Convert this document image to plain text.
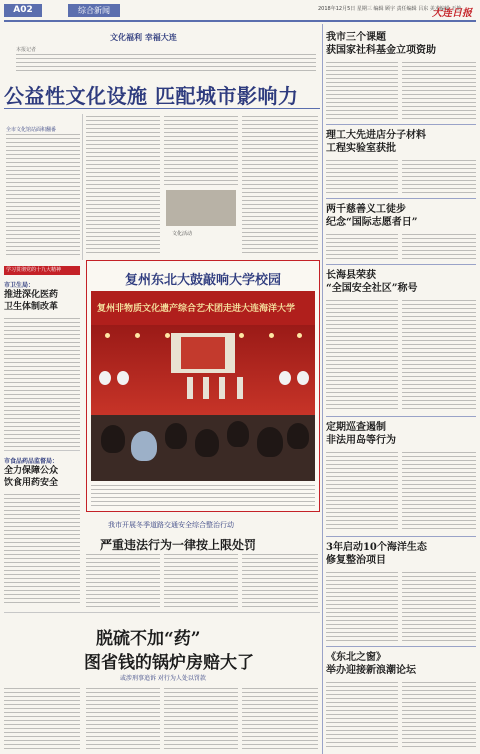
A02	综合新闻	2018年12月5日 星期三 编辑 顾宇 责任编辑 吕东 美术编辑 王艳
大连日报
文化福利 幸福大连
本报记者
公益性文化设施 匹配城市影响力
全市文化馆站面积翻番
文化活动
学习贯彻党的十九大精神
市卫生局：
推进深化医药
卫生体制改革
市食品药品监督局：
全力保障公众
饮食用药安全
复州东北大鼓敲响大学校园
复州非物质文化遗产综合艺术团走进大连海洋大学
我市开展冬季道路交通安全综合整治行动
严重违法行为一律按上限处罚
脱硫不加“药”
图省钱的锅炉房赔大了
或涉刑事追诉 对行为人处以罚款
我市三个课题
获国家社科基金立项资助
理工大先进店分子材料
工程实验室获批
两千慈善义工徒步
纪念“国际志愿者日”
长海县荣获
“全国安全社区”称号
定期巡查遏制
非法用岛等行为
3年启动10个海洋生态
修复整治项目
《东北之窗》
举办迎接新浪潮论坛
